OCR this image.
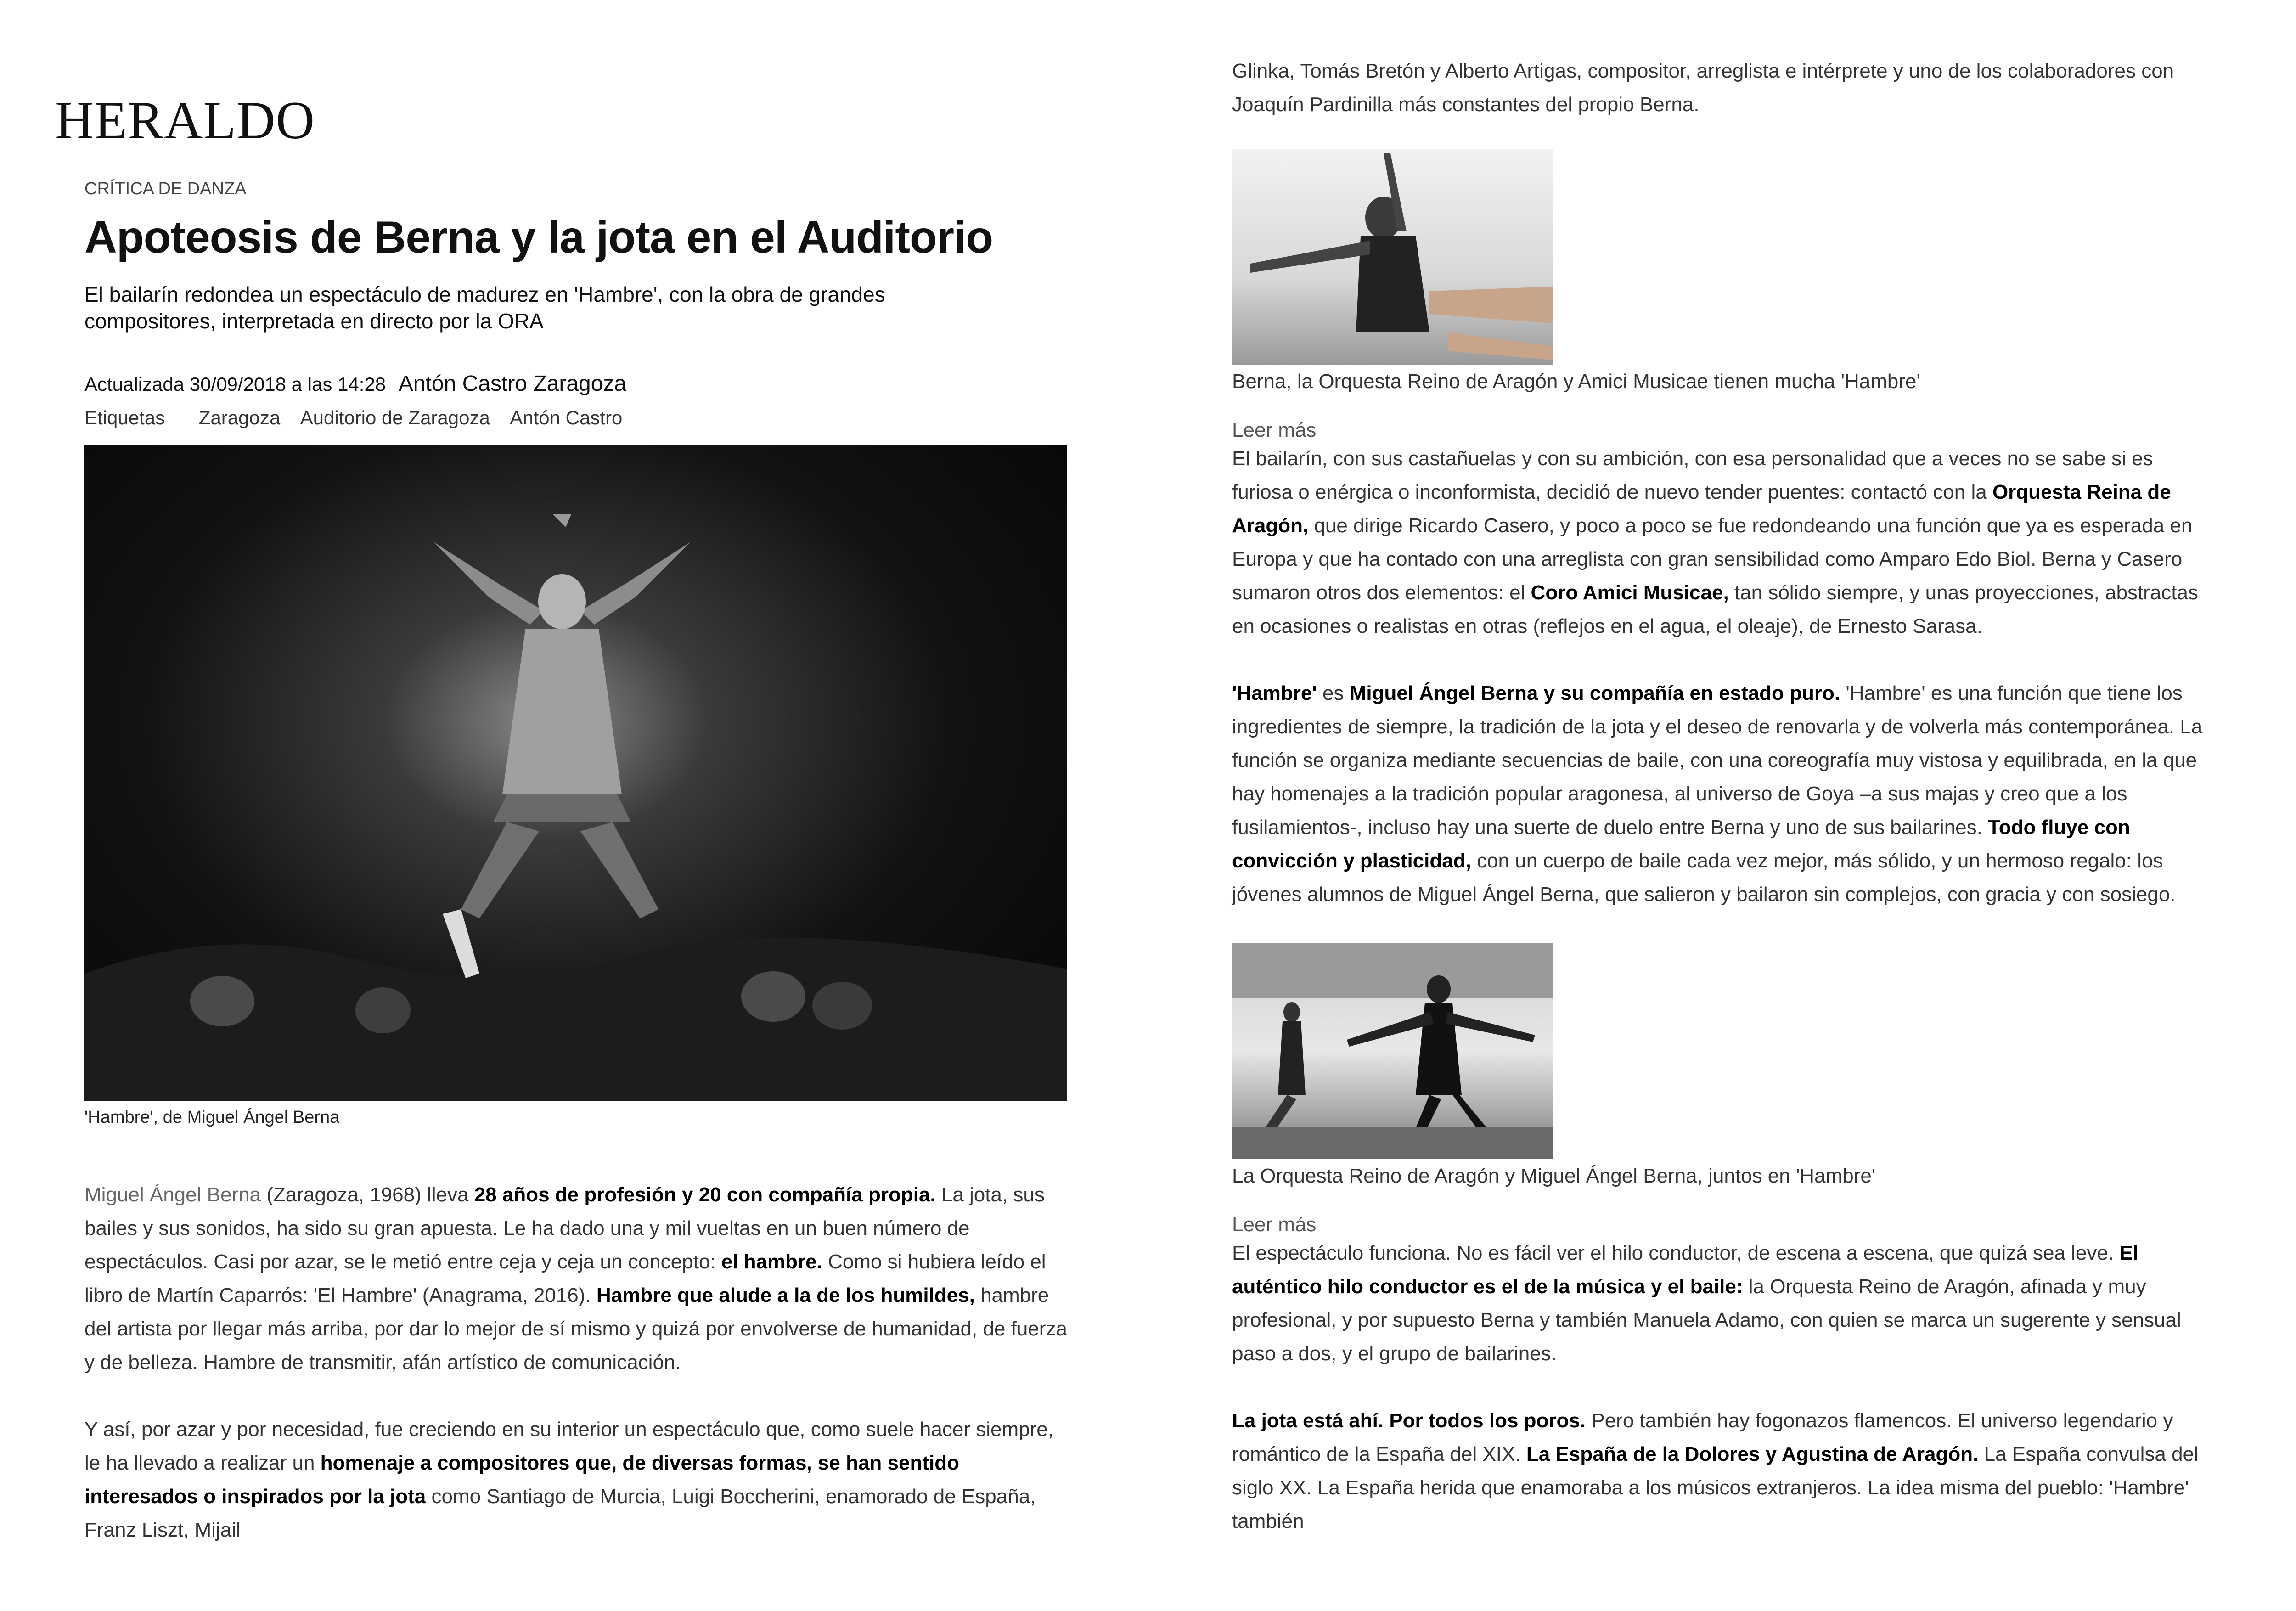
HERALDO

CRÍTICA DE DANZA

Apoteosis de Berna y la jota en el Auditorio

El bailarín redondea un espectáculo de madurez en 'Hambre', con la obra de grandes compositores, interpretada en directo por la ORA

Actualizada 30/09/2018 a las 14:28 Antón Castro Zaragoza

Etiquetas Zaragoza Auditorio de Zaragoza Antón Castro

'Hambre', de Miguel Ángel Berna

Miguel Ángel Berna (Zaragoza, 1968) lleva 28 años de profesión y 20 con compañía propia. La jota, sus bailes y sus sonidos, ha sido su gran apuesta. Le ha dado una y mil vueltas en un buen número de espectáculos. Casi por azar, se le metió entre ceja y ceja un concepto: el hambre. Como si hubiera leído el libro de Martín Caparrós: 'El Hambre' (Anagrama, 2016). Hambre que alude a la de los humildes, hambre del artista por llegar más arriba, por dar lo mejor de sí mismo y quizá por envolverse de humanidad, de fuerza y de belleza. Hambre de transmitir, afán artístico de comunicación.

Y así, por azar y por necesidad, fue creciendo en su interior un espectáculo que, como suele hacer siempre, le ha llevado a realizar un homenaje a compositores que, de diversas formas, se han sentido interesados o inspirados por la jota como Santiago de Murcia, Luigi Boccherini, enamorado de España, Franz Liszt, Mijail

Glinka, Tomás Bretón y Alberto Artigas, compositor, arreglista e intérprete y uno de los colaboradores con Joaquín Pardinilla más constantes del propio Berna.

Berna, la Orquesta Reino de Aragón y Amici Musicae tienen mucha 'Hambre'

Leer más

El bailarín, con sus castañuelas y con su ambición, con esa personalidad que a veces no se sabe si es furiosa o enérgica o inconformista, decidió de nuevo tender puentes: contactó con la Orquesta Reina de Aragón, que dirige Ricardo Casero, y poco a poco se fue redondeando una función que ya es esperada en Europa y que ha contado con una arreglista con gran sensibilidad como Amparo Edo Biol. Berna y Casero sumaron otros dos elementos: el Coro Amici Musicae, tan sólido siempre, y unas proyecciones, abstractas en ocasiones o realistas en otras (reflejos en el agua, el oleaje), de Ernesto Sarasa.

'Hambre' es Miguel Ángel Berna y su compañía en estado puro. 'Hambre' es una función que tiene los ingredientes de siempre, la tradición de la jota y el deseo de renovarla y de volverla más contemporánea. La función se organiza mediante secuencias de baile, con una coreografía muy vistosa y equilibrada, en la que hay homenajes a la tradición popular aragonesa, al universo de Goya –a sus majas y creo que a los fusilamientos-, incluso hay una suerte de duelo entre Berna y uno de sus bailarines. Todo fluye con convicción y plasticidad, con un cuerpo de baile cada vez mejor, más sólido, y un hermoso regalo: los jóvenes alumnos de Miguel Ángel Berna, que salieron y bailaron sin complejos, con gracia y con sosiego.

La Orquesta Reino de Aragón y Miguel Ángel Berna, juntos en 'Hambre'

Leer más

El espectáculo funciona. No es fácil ver el hilo conductor, de escena a escena, que quizá sea leve. El auténtico hilo conductor es el de la música y el baile: la Orquesta Reino de Aragón, afinada y muy profesional, y por supuesto Berna y también Manuela Adamo, con quien se marca un sugerente y sensual paso a dos, y el grupo de bailarines.

La jota está ahí. Por todos los poros. Pero también hay fogonazos flamencos. El universo legendario y romántico de la España del XIX. La España de la Dolores y Agustina de Aragón. La España convulsa del siglo XX. La España herida que enamoraba a los músicos extranjeros. La idea misma del pueblo: 'Hambre' también
